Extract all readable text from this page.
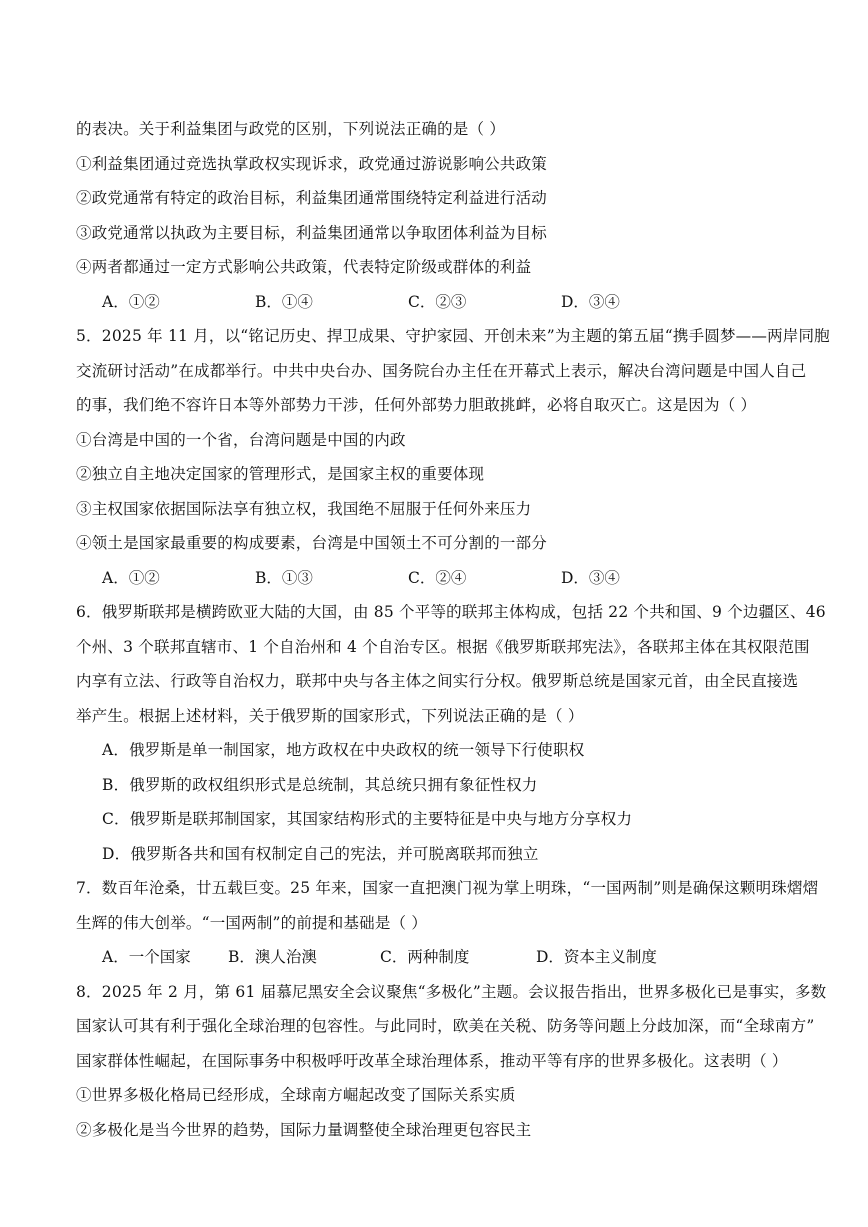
的表决。关于利益集团与政党的区别，下列说法正确的是（ ）
①利益集团通过竞选执掌政权实现诉求，政党通过游说影响公共政策
②政党通常有特定的政治目标，利益集团通常围绕特定利益进行活动
③政党通常以执政为主要目标，利益集团通常以争取团体利益为目标
④两者都通过一定方式影响公共政策，代表特定阶级或群体的利益
A．①②	B．①④	C．②③	D．③④
5．2025 年 11 月，以“铭记历史、捍卫成果、守护家园、开创未来”为主题的第五届“携手圆梦——两岸同胞
交流研讨活动”在成都举行。中共中央台办、国务院台办主任在开幕式上表示，解决台湾问题是中国人自己
的事，我们绝不容许日本等外部势力干涉，任何外部势力胆敢挑衅，必将自取灭亡。这是因为（ ）
①台湾是中国的一个省，台湾问题是中国的内政
②独立自主地决定国家的管理形式，是国家主权的重要体现
③主权国家依据国际法享有独立权，我国绝不屈服于任何外来压力
④领土是国家最重要的构成要素，台湾是中国领土不可分割的一部分
A．①②	B．①③	C．②④	D．③④
6．俄罗斯联邦是横跨欧亚大陆的大国，由 85 个平等的联邦主体构成，包括 22 个共和国、9 个边疆区、46
个州、3 个联邦直辖市、1 个自治州和 4 个自治专区。根据《俄罗斯联邦宪法》，各联邦主体在其权限范围
内享有立法、行政等自治权力，联邦中央与各主体之间实行分权。俄罗斯总统是国家元首，由全民直接选
举产生。根据上述材料，关于俄罗斯的国家形式，下列说法正确的是（ ）
A．俄罗斯是单一制国家，地方政权在中央政权的统一领导下行使职权
B．俄罗斯的政权组织形式是总统制，其总统只拥有象征性权力
C．俄罗斯是联邦制国家，其国家结构形式的主要特征是中央与地方分享权力
D．俄罗斯各共和国有权制定自己的宪法，并可脱离联邦而独立
7．数百年沧桑，廿五载巨变。25 年来，国家一直把澳门视为掌上明珠，“一国两制”则是确保这颗明珠熠熠
生辉的伟大创举。“一国两制”的前提和基础是（ ）
A．一个国家	B．澳人治澳	C．两种制度	D．资本主义制度
8．2025 年 2 月，第 61 届慕尼黑安全会议聚焦“多极化”主题。会议报告指出，世界多极化已是事实，多数
国家认可其有利于强化全球治理的包容性。与此同时，欧美在关税、防务等问题上分歧加深，而“全球南方”
国家群体性崛起，在国际事务中积极呼吁改革全球治理体系，推动平等有序的世界多极化。这表明（ ）
①世界多极化格局已经形成，全球南方崛起改变了国际关系实质
②多极化是当今世界的趋势，国际力量调整使全球治理更包容民主
